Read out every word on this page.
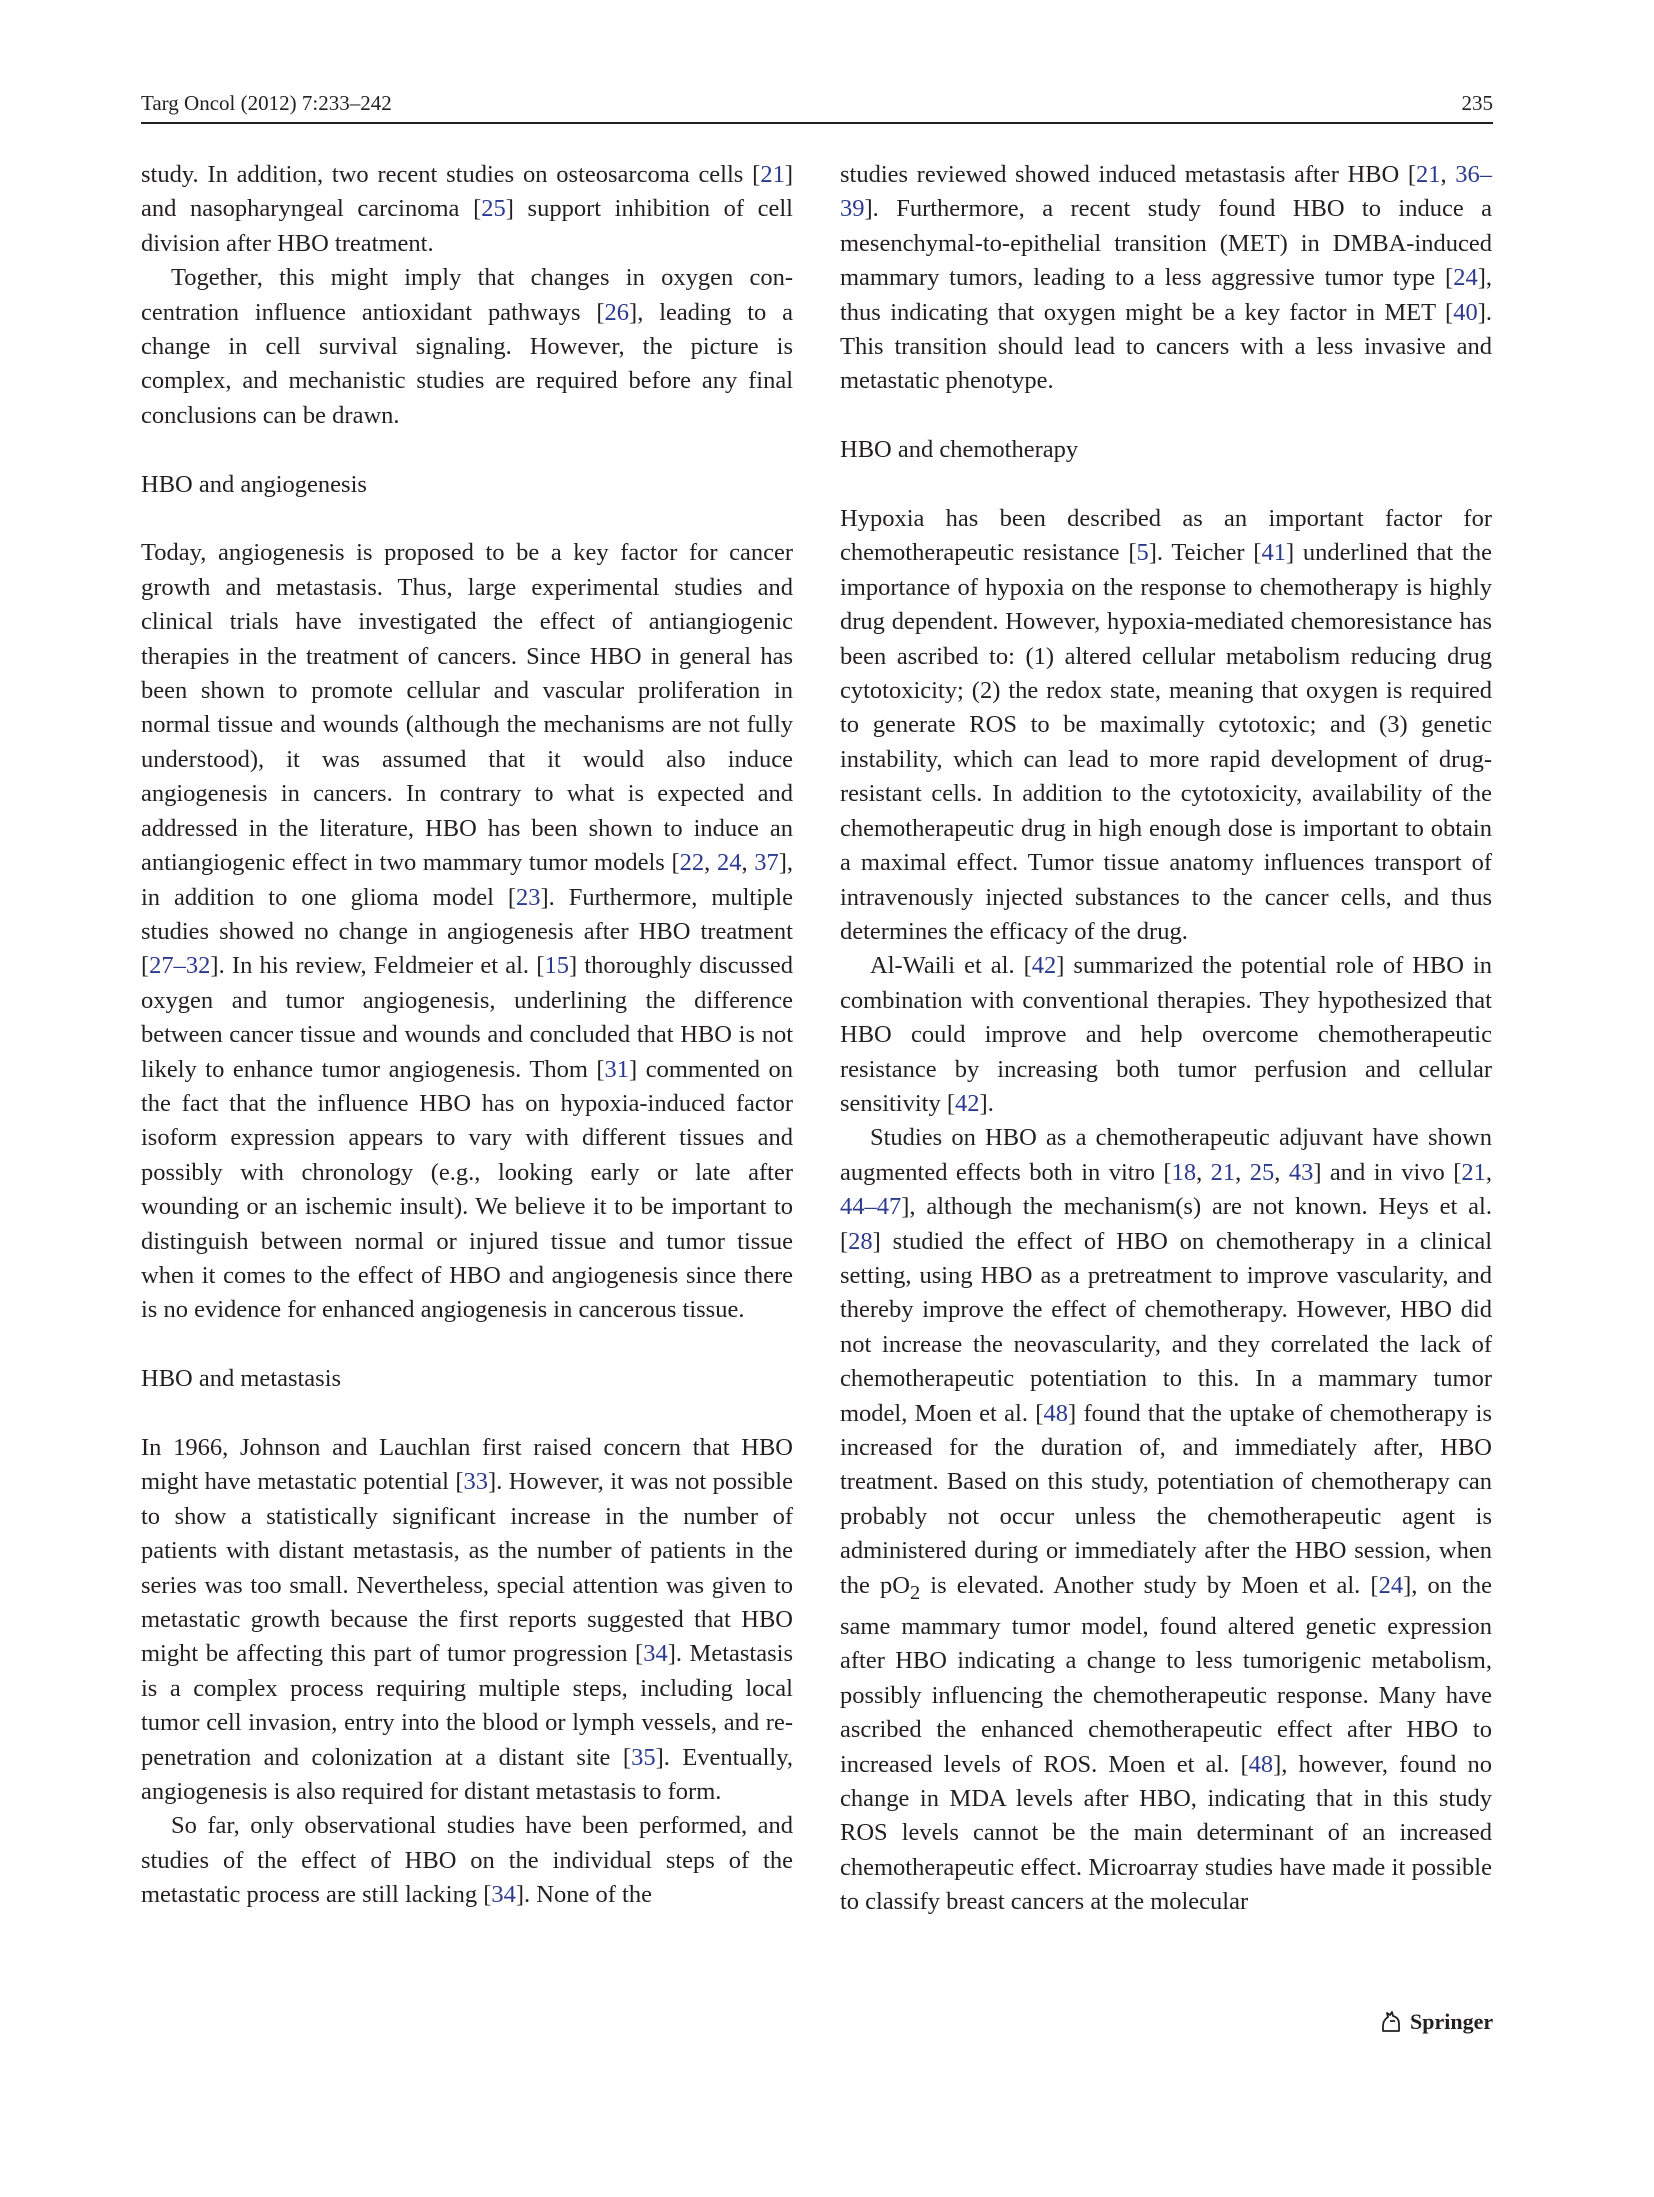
Targ Oncol (2012) 7:233–242	235

study. In addition, two recent studies on osteosarcoma cells [21] and nasopharyngeal carcinoma [25] support inhibition of cell division after HBO treatment.

Together, this might imply that changes in oxygen concentration influence antioxidant pathways [26], leading to a change in cell survival signaling. However, the picture is complex, and mechanistic studies are required before any final conclusions can be drawn.

HBO and angiogenesis

Today, angiogenesis is proposed to be a key factor for cancer growth and metastasis. Thus, large experimental studies and clinical trials have investigated the effect of antiangiogenic therapies in the treatment of cancers. Since HBO in general has been shown to promote cellular and vascular proliferation in normal tissue and wounds (although the mechanisms are not fully understood), it was assumed that it would also induce angiogenesis in cancers. In contrary to what is expected and addressed in the literature, HBO has been shown to induce an antiangiogenic effect in two mammary tumor models [22, 24, 37], in addition to one glioma model [23]. Furthermore, multiple studies showed no change in angiogenesis after HBO treatment [27–32]. In his review, Feldmeier et al. [15] thoroughly discussed oxygen and tumor angiogenesis, underlining the difference between cancer tissue and wounds and concluded that HBO is not likely to enhance tumor angiogenesis. Thom [31] commented on the fact that the influence HBO has on hypoxia-induced factor isoform expression appears to vary with different tissues and possibly with chronology (e.g., looking early or late after wounding or an ischemic insult). We believe it to be important to distinguish between normal or injured tissue and tumor tissue when it comes to the effect of HBO and angiogenesis since there is no evidence for enhanced angiogenesis in cancerous tissue.

HBO and metastasis

In 1966, Johnson and Lauchlan first raised concern that HBO might have metastatic potential [33]. However, it was not possible to show a statistically significant increase in the number of patients with distant metastasis, as the number of patients in the series was too small. Nevertheless, special attention was given to metastatic growth because the first reports suggested that HBO might be affecting this part of tumor progression [34]. Metastasis is a complex process requiring multiple steps, including local tumor cell invasion, entry into the blood or lymph vessels, and re-penetration and colonization at a distant site [35]. Eventually, angiogenesis is also required for distant metastasis to form.

So far, only observational studies have been performed, and studies of the effect of HBO on the individual steps of the metastatic process are still lacking [34]. None of the

studies reviewed showed induced metastasis after HBO [21, 36–39]. Furthermore, a recent study found HBO to induce a mesenchymal-to-epithelial transition (MET) in DMBA-induced mammary tumors, leading to a less aggressive tumor type [24], thus indicating that oxygen might be a key factor in MET [40]. This transition should lead to cancers with a less invasive and metastatic phenotype.

HBO and chemotherapy

Hypoxia has been described as an important factor for chemotherapeutic resistance [5]. Teicher [41] underlined that the importance of hypoxia on the response to chemotherapy is highly drug dependent. However, hypoxia-mediated chemoresistance has been ascribed to: (1) altered cellular metabolism reducing drug cytotoxicity; (2) the redox state, meaning that oxygen is required to generate ROS to be maximally cytotoxic; and (3) genetic instability, which can lead to more rapid development of drug-resistant cells. In addition to the cytotoxicity, availability of the chemotherapeutic drug in high enough dose is important to obtain a maximal effect. Tumor tissue anatomy influences transport of intravenously injected substances to the cancer cells, and thus determines the efficacy of the drug.

Al-Waili et al. [42] summarized the potential role of HBO in combination with conventional therapies. They hypothesized that HBO could improve and help overcome chemotherapeutic resistance by increasing both tumor perfusion and cellular sensitivity [42].

Studies on HBO as a chemotherapeutic adjuvant have shown augmented effects both in vitro [18, 21, 25, 43] and in vivo [21, 44–47], although the mechanism(s) are not known. Heys et al. [28] studied the effect of HBO on chemotherapy in a clinical setting, using HBO as a pretreatment to improve vascularity, and thereby improve the effect of chemotherapy. However, HBO did not increase the neovascularity, and they correlated the lack of chemotherapeutic potentiation to this. In a mammary tumor model, Moen et al. [48] found that the uptake of chemotherapy is increased for the duration of, and immediately after, HBO treatment. Based on this study, potentiation of chemotherapy can probably not occur unless the chemotherapeutic agent is administered during or immediately after the HBO session, when the $pO_2$ is elevated. Another study by Moen et al. [24], on the same mammary tumor model, found altered genetic expression after HBO indicating a change to less tumorigenic metabolism, possibly influencing the chemotherapeutic response. Many have ascribed the enhanced chemotherapeutic effect after HBO to increased levels of ROS. Moen et al. [48], however, found no change in MDA levels after HBO, indicating that in this study ROS levels cannot be the main determinant of an increased chemotherapeutic effect. Microarray studies have made it possible to classify breast cancers at the molecular

Springer
